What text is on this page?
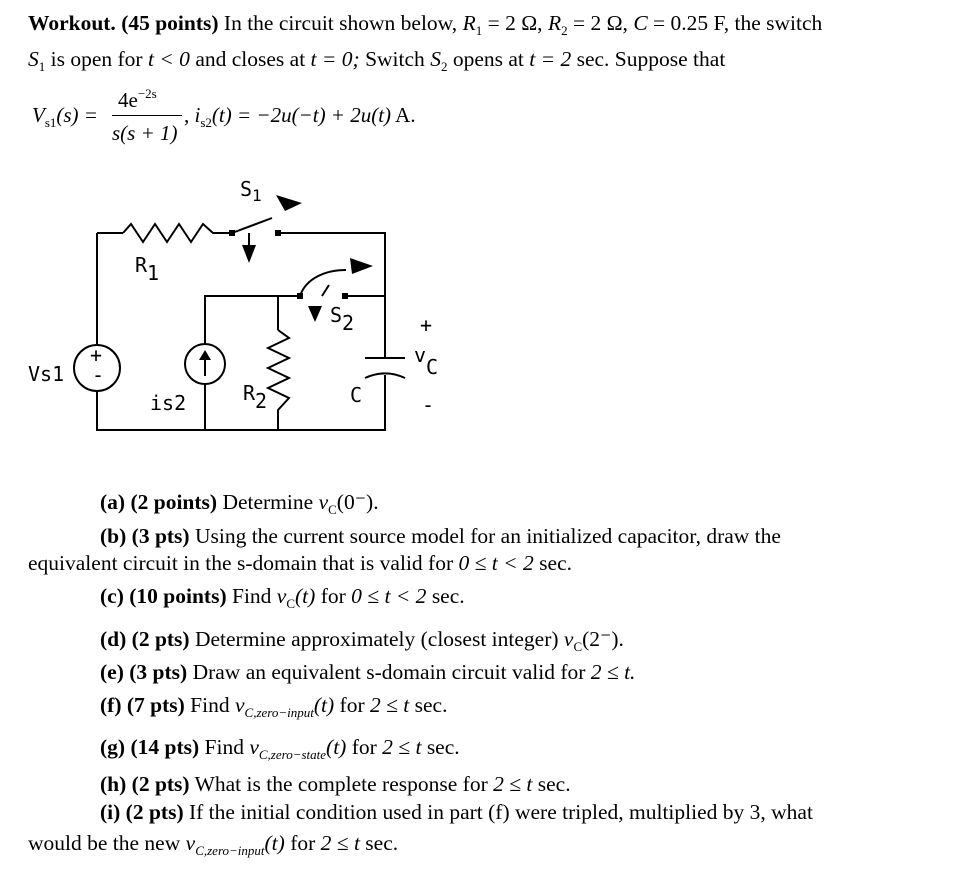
Workout. (45 points) In the circuit shown below, $R_1 = 2$ Ω, $R_2 = 2$ Ω, C = 0.25 F, the switch
$S_1$ is open for t < 0 and closes at t = 0; Switch $S_2$ opens at t = 2 sec. Suppose that
$V_{s1}(s)$ =
$4e^{-2s}$
s(s + 1)
, $i_{s2}(t) = -2u(-t) + 2u(t)$ A.
$S_1$
R1
S2
Vs1
+
-
is2	R2	C
+
vC
-
(a) (2 points) Determine $v_C(0^-)$.
(b) (3 pts) Using the current source model for an initialized capacitor, draw the
equivalent circuit in the s-domain that is valid for 0 ≤ t < 2 sec.
(c) (10 points) Find $v_C(t)$ for 0 ≤ t < 2 sec.
(d) (2 pts) Determine approximately (closest integer) $v_C(2^-)$.
(e) (3 pts) Draw an equivalent s-domain circuit valid for 2 ≤ t.
(f) (7 pts) Find $v_{C,zero-input}(t)$ for 2 ≤ t sec.
(g) (14 pts) Find $v_{C,zero-state}(t)$ for 2 ≤ t sec.
(h) (2 pts) What is the complete response for 2 ≤ t sec.
(i) (2 pts) If the initial condition used in part (f) were tripled, multiplied by 3, what
would be the new $v_{C,zero-input}(t)$ for 2 ≤ t sec.
